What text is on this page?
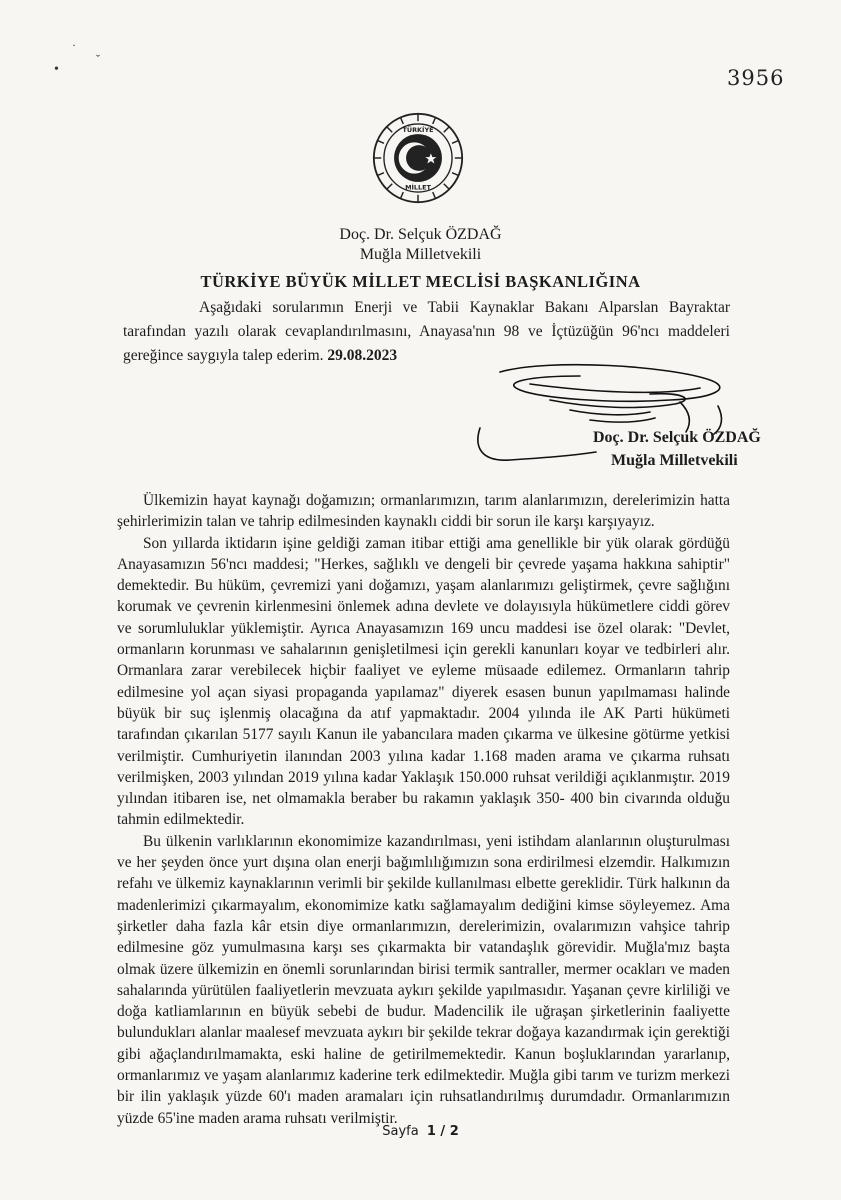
3956
·
ˇ
•
TÜRKİYE
MİLLET
Doç. Dr. Selçuk ÖZDAĞ
Muğla Milletvekili
TÜRKİYE BÜYÜK MİLLET MECLİSİ BAŞKANLIĞINA

Aşağıdaki sorularımın Enerji ve Tabii Kaynaklar Bakanı Alparslan Bayraktar tarafından yazılı olarak cevaplandırılmasını, Anayasa'nın 98 ve İçtüzüğün 96'ncı maddeleri gereğince saygıyla talep ederim. 29.08.2023

Doç. Dr. Selçuk ÖZDAĞ
Muğla Milletvekili

Ülkemizin hayat kaynağı doğamızın; ormanlarımızın, tarım alanlarımızın, derelerimizin hatta şehirlerimizin talan ve tahrip edilmesinden kaynaklı ciddi bir sorun ile karşı karşıyayız.

Son yıllarda iktidarın işine geldiği zaman itibar ettiği ama genellikle bir yük olarak gördüğü Anayasamızın 56'ncı maddesi; "Herkes, sağlıklı ve dengeli bir çevrede yaşama hakkına sahiptir" demektedir. Bu hüküm, çevremizi yani doğamızı, yaşam alanlarımızı geliştirmek, çevre sağlığını korumak ve çevrenin kirlenmesini önlemek adına devlete ve dolayısıyla hükümetlere ciddi görev ve sorumluluklar yüklemiştir. Ayrıca Anayasamızın 169 uncu maddesi ise özel olarak: "Devlet, ormanların korunması ve sahalarının genişletilmesi için gerekli kanunları koyar ve tedbirleri alır. Ormanlara zarar verebilecek hiçbir faaliyet ve eyleme müsaade edilemez. Ormanların tahrip edilmesine yol açan siyasi propaganda yapılamaz" diyerek esasen bunun yapılmaması halinde büyük bir suç işlenmiş olacağına da atıf yapmaktadır. 2004 yılında ile AK Parti hükümeti tarafından çıkarılan 5177 sayılı Kanun ile yabancılara maden çıkarma ve ülkesine götürme yetkisi verilmiştir. Cumhuriyetin ilanından 2003 yılına kadar 1.168 maden arama ve çıkarma ruhsatı verilmişken, 2003 yılından 2019 yılına kadar Yaklaşık 150.000 ruhsat verildiği açıklanmıştır. 2019 yılından itibaren ise, net olmamakla beraber bu rakamın yaklaşık 350- 400 bin civarında olduğu tahmin edilmektedir.

Bu ülkenin varlıklarının ekonomimize kazandırılması, yeni istihdam alanlarının oluşturulması ve her şeyden önce yurt dışına olan enerji bağımlılığımızın sona erdirilmesi elzemdir. Halkımızın refahı ve ülkemiz kaynaklarının verimli bir şekilde kullanılması elbette gereklidir. Türk halkının da madenlerimizi çıkarmayalım, ekonomimize katkı sağlamayalım dediğini kimse söyleyemez. Ama şirketler daha fazla kâr etsin diye ormanlarımızın, derelerimizin, ovalarımızın vahşice tahrip edilmesine göz yumulmasına karşı ses çıkarmakta bir vatandaşlık görevidir. Muğla'mız başta olmak üzere ülkemizin en önemli sorunlarından birisi termik santraller, mermer ocakları ve maden sahalarında yürütülen faaliyetlerin mevzuata aykırı şekilde yapılmasıdır. Yaşanan çevre kirliliği ve doğa katliamlarının en büyük sebebi de budur. Madencilik ile uğraşan şirketlerinin faaliyette bulundukları alanlar maalesef mevzuata aykırı bir şekilde tekrar doğaya kazandırmak için gerektiği gibi ağaçlandırılmamakta, eski haline de getirilmemektedir. Kanun boşluklarından yararlanıp, ormanlarımız ve yaşam alanlarımız kaderine terk edilmektedir. Muğla gibi tarım ve turizm merkezi bir ilin yaklaşık yüzde 60'ı maden aramaları için ruhsatlandırılmış durumdadır. Ormanlarımızın yüzde 65'ine maden arama ruhsatı verilmiştir.

Sayfa 1 / 2
